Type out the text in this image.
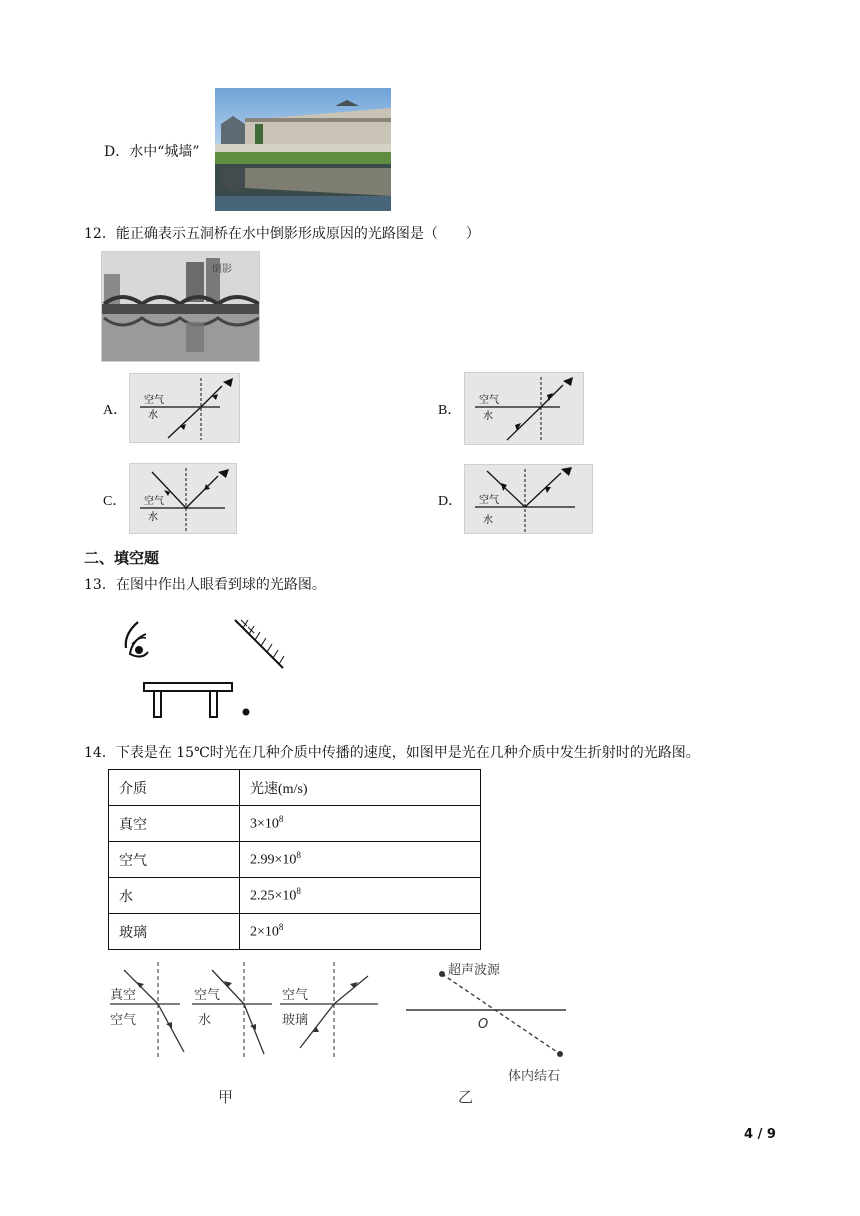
D．水中“城墙”
12．能正确表示五洞桥在水中倒影形成原因的光路图是（　　）
倒影
A．
空气
水	B．
空气
水
C． 空气
水
D． 空气
水
二、填空题
13．在图中作出人眼看到球的光路图。
14．下表是在 15℃时光在几种介质中传播的速度，如图甲是光在几种介质中发生折射时的光路图。
介质	光速(m/s)
真空	$3\times 10^8$
空气	$2.99\times 10^8$
水	$2.25\times 10^8$
玻璃	$2\times 10^8$
真空
空气
空气
水
空气
玻璃
甲
超声波源
O
体内结石
乙
4 / 9
